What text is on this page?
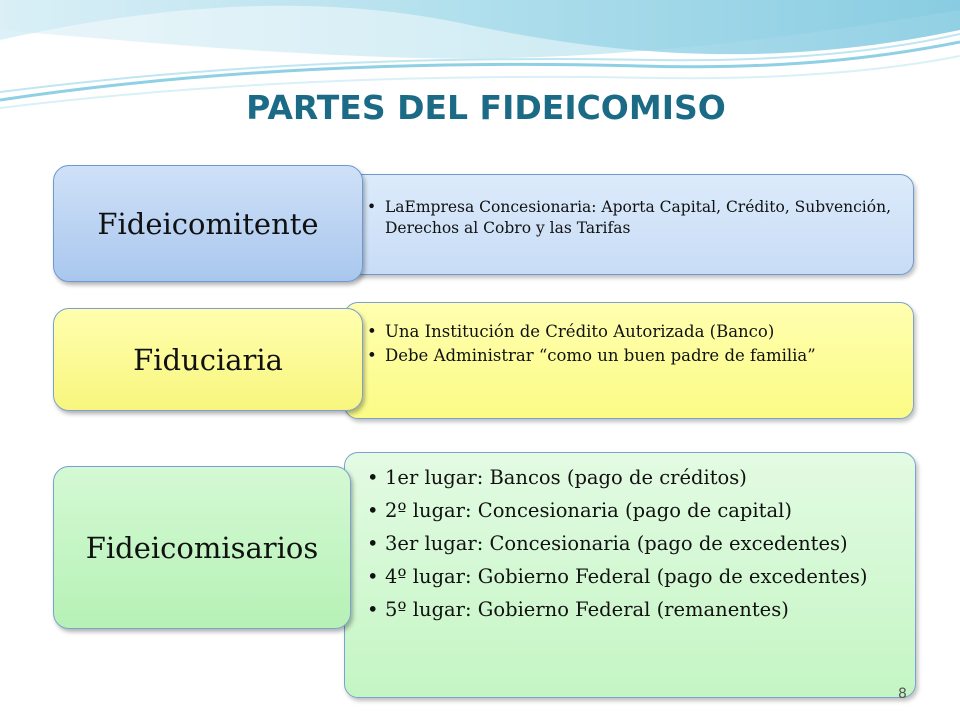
PARTES DEL FIDEICOMISO
• LaEmpresa Concesionaria: Aporta Capital, Crédito, Subvención, Derechos al Cobro y las Tarifas
Fideicomitente
• Una Institución de Crédito Autorizada (Banco)
• Debe Administrar “como un buen padre de familia”
Fiduciaria
• 1er lugar: Bancos (pago de créditos)
• 2º lugar: Concesionaria (pago de capital)
• 3er lugar: Concesionaria (pago de excedentes)
• 4º lugar: Gobierno Federal (pago de excedentes)
• 5º lugar: Gobierno Federal (remanentes)
Fideicomisarios
8
